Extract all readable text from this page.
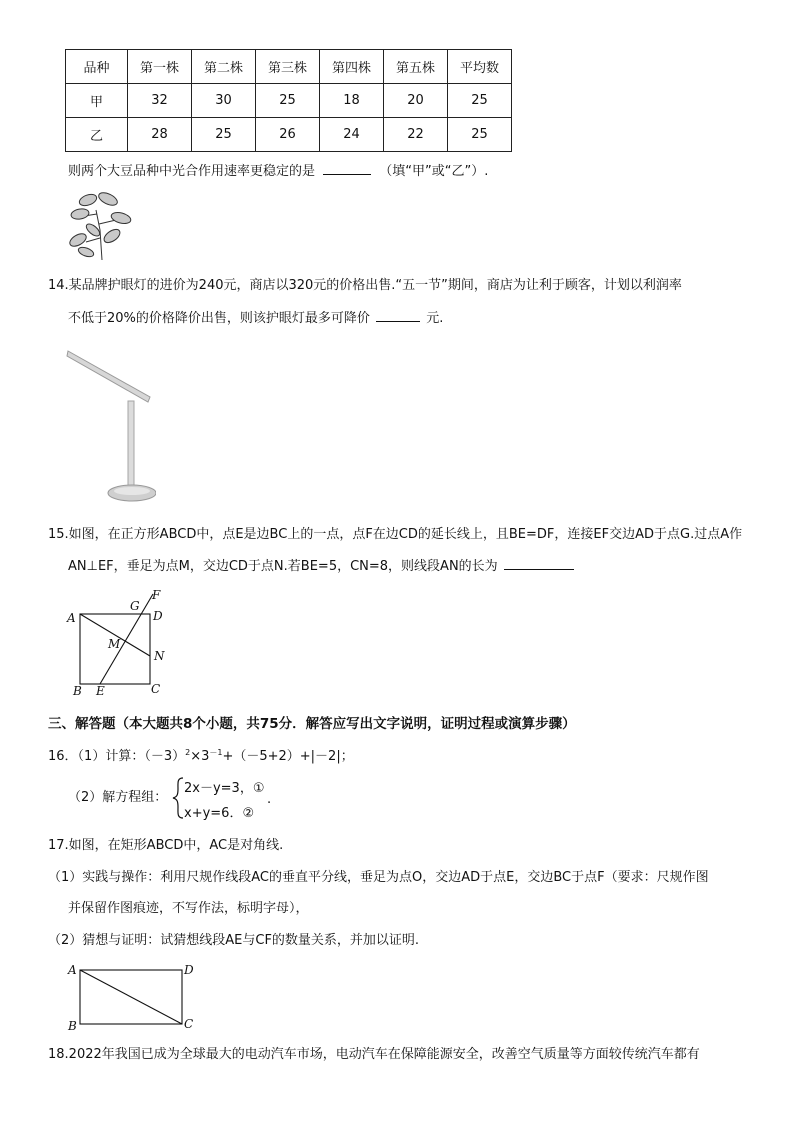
品种	第一株	第二株	第三株	第四株	第五株	平均数
甲	32	30	25	18	20	25
乙	28	25	26	24	22	25
则两个大豆品种中光合作用速率更稳定的是	（填“甲”或“乙”）.
14.某品牌护眼灯的进价为240元，商店以320元的价格出售.“五一节”期间，商店为让利于顾客，计划以利润率
不低于20%的价格降价出售，则该护眼灯最多可降价	元.
15.如图，在正方形ABCD中，点E是边BC上的一点，点F在边CD的延长线上，且BE=DF，连接EF交边AD于点G.过点A作
AN⊥EF，垂足为点M，交边CD于点N.若BE=5，CN=8，则线段AN的长为
A
B	C
D
E
F
G
M
N
三、解答题（本大题共8个小题，共75分．解答应写出文字说明，证明过程或演算步骤）
16．（1）计算：$(-3)^2\times 3^{-1}+(-5+2)+|-2|$；
（2）解方程组：
2x－y=3，①
x+y=6．②
.
17.如图，在矩形ABCD中，AC是对角线.
（1）实践与操作：利用尺规作线段AC的垂直平分线，垂足为点O，交边AD于点E，交边BC于点F（要求：尺规作图
并保留作图痕迹，不写作法，标明字母），
（2）猜想与证明：试猜想线段AE与CF的数量关系，并加以证明.
A
B	C
D
18.2022年我国已成为全球最大的电动汽车市场，电动汽车在保障能源安全，改善空气质量等方面较传统汽车都有
